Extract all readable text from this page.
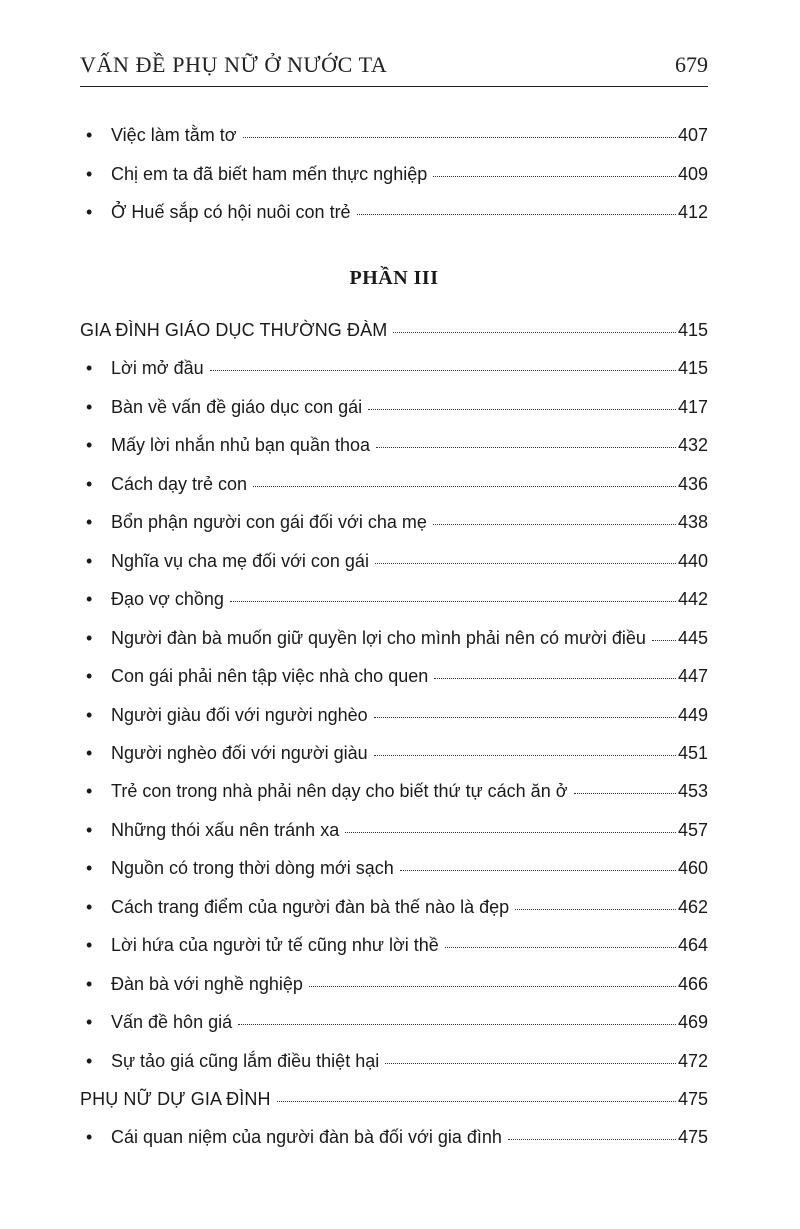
VẤN ĐỀ PHỤ NỮ Ở NƯỚC TA	679
•	Việc làm tằm tơ	407
•	Chị em ta đã biết ham mến thực nghiệp	409
•	Ở Huế sắp có hội nuôi con trẻ	412
PHẦN III
GIA ĐÌNH GIÁO DỤC THƯỜNG ĐÀM	415
•	Lời mở đầu	415
•	Bàn về vấn đề giáo dục con gái	417
•	Mấy lời nhắn nhủ bạn quần thoa	432
•	Cách dạy trẻ con	436
•	Bổn phận người con gái đối với cha mẹ	438
•	Nghĩa vụ cha mẹ đối với con gái	440
•	Đạo vợ chồng	442
•	Người đàn bà muốn giữ quyền lợi cho mình phải nên có mười điều 445
•	Con gái phải nên tập việc nhà cho quen	447
•	Người giàu đối với người nghèo	449
•	Người nghèo đối với người giàu	451
•	Trẻ con trong nhà phải nên dạy cho biết thứ tự cách ăn ở	453
•	Những thói xấu nên tránh xa	457
•	Nguồn có trong thời dòng mới sạch	460
•	Cách trang điểm của người đàn bà thế nào là đẹp	462
•	Lời hứa của người tử tế cũng như lời thề	464
•	Đàn bà với nghề nghiệp	466
•	Vấn đề hôn giá	469
•	Sự tảo giá cũng lắm điều thiệt hại	472
PHỤ NỮ DỰ GIA ĐÌNH	475
•	Cái quan niệm của người đàn bà đối với gia đình	475
